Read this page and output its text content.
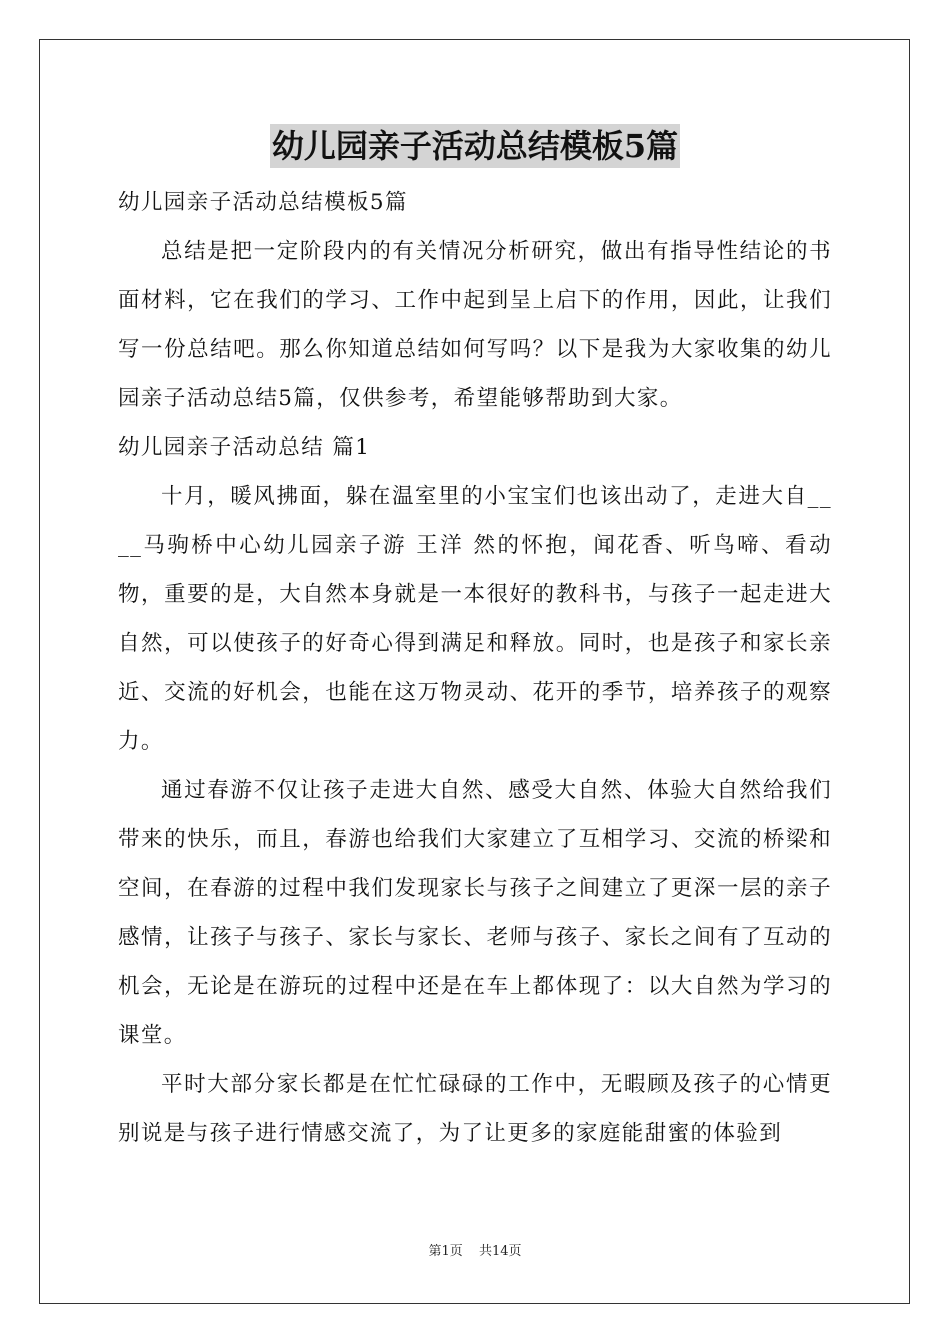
幼儿园亲子活动总结模板5篇

幼儿园亲子活动总结模板5篇

总结是把一定阶段内的有关情况分析研究，做出有指导性结论的书面材料，它在我们的学习、工作中起到呈上启下的作用，因此，让我们写一份总结吧。那么你知道总结如何写吗？以下是我为大家收集的幼儿园亲子活动总结5篇，仅供参考，希望能够帮助到大家。

幼儿园亲子活动总结 篇1

十月，暖风拂面，躲在温室里的小宝宝们也该出动了，走进大自____马驹桥中心幼儿园亲子游 王洋 然的怀抱，闻花香、听鸟啼、看动物，重要的是，大自然本身就是一本很好的教科书，与孩子一起走进大自然，可以使孩子的好奇心得到满足和释放。同时，也是孩子和家长亲近、交流的好机会，也能在这万物灵动、花开的季节，培养孩子的观察力。

通过春游不仅让孩子走进大自然、感受大自然、体验大自然给我们带来的快乐，而且，春游也给我们大家建立了互相学习、交流的桥梁和空间，在春游的过程中我们发现家长与孩子之间建立了更深一层的亲子感情，让孩子与孩子、家长与家长、老师与孩子、家长之间有了互动的机会，无论是在游玩的过程中还是在车上都体现了：以大自然为学习的课堂。

平时大部分家长都是在忙忙碌碌的工作中，无暇顾及孩子的心情更别说是与孩子进行情感交流了，为了让更多的家庭能甜蜜的体验到

第1页 共14页
